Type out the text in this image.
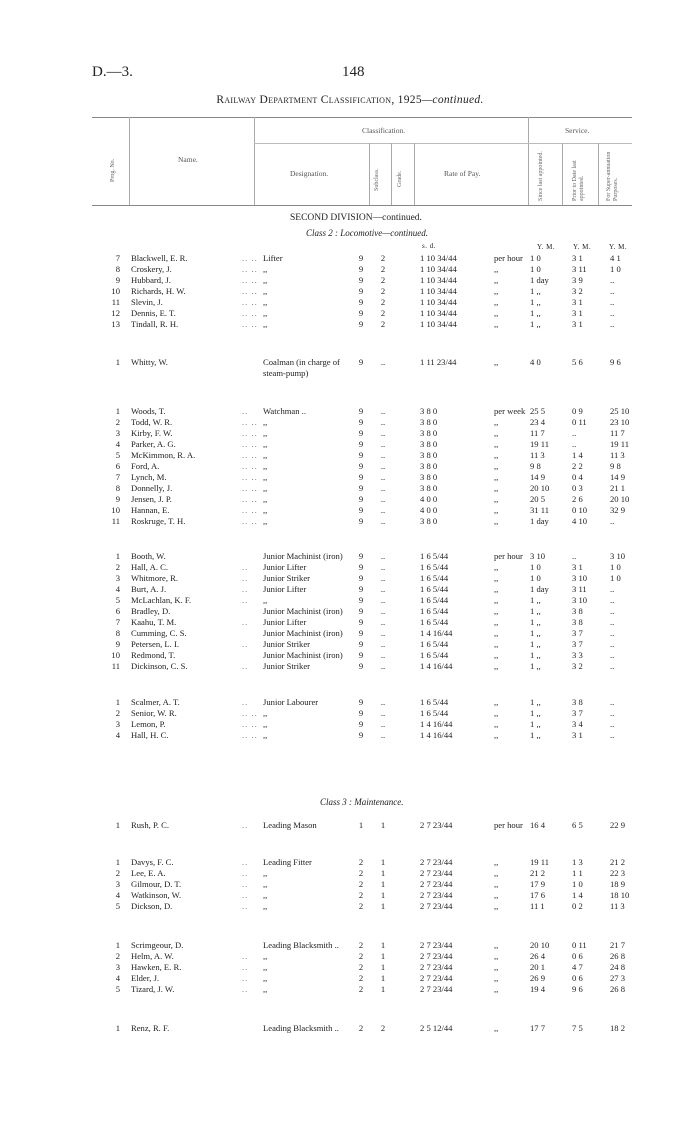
D.—3.	148
Railway Department Classification, 1925—continued.
Prog. No.	Name.
Classification.
Designation.	Subclass.	Grade.	Rate of Pay.
Service.
Since last appointed.	Prior to Date last appointed.	For Super-annuation Purposes.
SECOND DIVISION—continued.
Class 2 : Locomotive—continued.
s. d.	Y. M.	Y. M.	Y. M.
Class 3 : Maintenance.
7 Blackwell, E. R.	.. .. Lifter	9	2	1 10 34/44	per hour 1 0	3 1	4 1
8 Croskery, J.	.. .. ,,	9	2	1 10 34/44	,,	1 0	3 11	1 0
9 Hubbard, J.	.. .. ,,	9	2	1 10 34/44	,,	1 day	3 9	..
10 Richards, H. W.	.. .. ,,	9	2	1 10 34/44	,,	1 ,,	3 2	..
11 Slevin, J.	.. .. ,,	9	2	1 10 34/44	,,	1 ,,	3 1	..
12 Dennis, E. T.	.. .. ,,	9	2	1 10 34/44	,,	1 ,,	3 1	..
13 Tindall, R. H.	.. .. ,,	9	2	1 10 34/44	,,	1 ,,	3 1	..
1 Whitty, W.	Coalman (in charge of	9	..	1 11 23/44	,,	4 0	5 6	9 6
steam-pump)
1 Woods, T.	.. Watchman ..	9	..	3 8 0	per week 25 5	0 9	25 10
2 Todd, W. R.	.. .. ,,	9	..	3 8 0	,,	23 4	0 11	23 10
3 Kirby, F. W.	.. .. ,,	9	..	3 8 0	,,	11 7	..	11 7
4 Parker, A. G.	.. .. ,,	9	..	3 8 0	,,	19 11	..	19 11
5 McKimmon, R. A.	.. .. ,,	9	..	3 8 0	,,	11 3	1 4	11 3
6 Ford, A.	.. .. ,,	9	..	3 8 0	,,	9 8	2 2	9 8
7 Lynch, M.	.. .. ,,	9	..	3 8 0	,,	14 9	0 4	14 9
8 Donnelly, J.	.. .. ,,	9	..	3 8 0	,,	20 10	0 3	21 1
9 Jensen, J. P.	.. .. ,,	9	..	4 0 0	,,	20 5	2 6	20 10
10 Hannan, E.	.. .. ,,	9	..	4 0 0	,,	31 11	0 10	32 9
11 Roskruge, T. H.	.. .. ,,	9	..	3 8 0	,,	1 day	4 10	..
1 Booth, W.	Junior Machinist (iron)	9	..	1 6 5/44	per hour 3 10	..	3 10
2 Hall, A. C.	.. Junior Lifter	9	..	1 6 5/44	,,	1 0	3 1	1 0
3 Whitmore, R.	.. Junior Striker	9	..	1 6 5/44	,,	1 0	3 10	1 0
4 Burt, A. J.	.. Junior Lifter	9	..	1 6 5/44	,,	1 day	3 11	..
5 McLachlan, K. F.	.. ,,	9	..	1 6 5/44	,,	1 ,,	3 10	..
6 Bradley, D.	Junior Machinist (iron)	9	..	1 6 5/44	,,	1 ,,	3 8	..
7 Kaahu, T. M.	.. Junior Lifter	9	..	1 6 5/44	,,	1 ,,	3 8	..
8 Cumming, C. S.	Junior Machinist (iron)	9	..	1 4 16/44	,,	1 ,,	3 7	..
9 Petersen, L. I.	.. Junior Striker	9	..	1 6 5/44	,,	1 ,,	3 7	..
10 Redmond, T.	Junior Machinist (iron)	9	..	1 6 5/44	,,	1 ,,	3 3	..
11 Dickinson, C. S.	.. Junior Striker	9	..	1 4 16/44	,,	1 ,,	3 2	..
1 Scalmer, A. T.	.. Junior Labourer	9	..	1 6 5/44	,,	1 ,,	3 8	..
2 Senior, W. R.	.. .. ,,	9	..	1 6 5/44	,,	1 ,,	3 7	..
3 Lemon, P.	.. .. ,,	9	..	1 4 16/44	,,	1 ,,	3 4	..
4 Hall, H. C.	.. .. ,,	9	..	1 4 16/44	,,	1 ,,	3 1	..
1 Rush, P. C.	.. Leading Mason	1	1	2 7 23/44	per hour 16 4	6 5	22 9
1 Davys, F. C.	.. Leading Fitter	2	1	2 7 23/44	,,	19 11	1 3	21 2
2 Lee, E. A.	.. ,,	2	1	2 7 23/44	,,	21 2	1 1	22 3
3 Gilmour, D. T.	.. ,,	2	1	2 7 23/44	,,	17 9	1 0	18 9
4 Watkinson, W.	.. ,,	2	1	2 7 23/44	,,	17 6	1 4	18 10
5 Dickson, D.	.. ,,	2	1	2 7 23/44	,,	11 1	0 2	11 3
1 Scrimgeour, D.	Leading Blacksmith ..	2	1	2 7 23/44	,,	20 10	0 11	21 7
2 Helm, A. W.	.. ,,	2	1	2 7 23/44	,,	26 4	0 6	26 8
3 Hawken, E. R.	.. ,,	2	1	2 7 23/44	,,	20 1	4 7	24 8
4 Elder, J.	.. ,,	2	1	2 7 23/44	,,	26 9	0 6	27 3
5 Tizard, J. W.	.. ,,	2	1	2 7 23/44	,,	19 4	9 6	26 8
1 Renz, R. F.	Leading Blacksmith ..	2	2	2 5 12/44	,,	17 7	7 5	18 2
